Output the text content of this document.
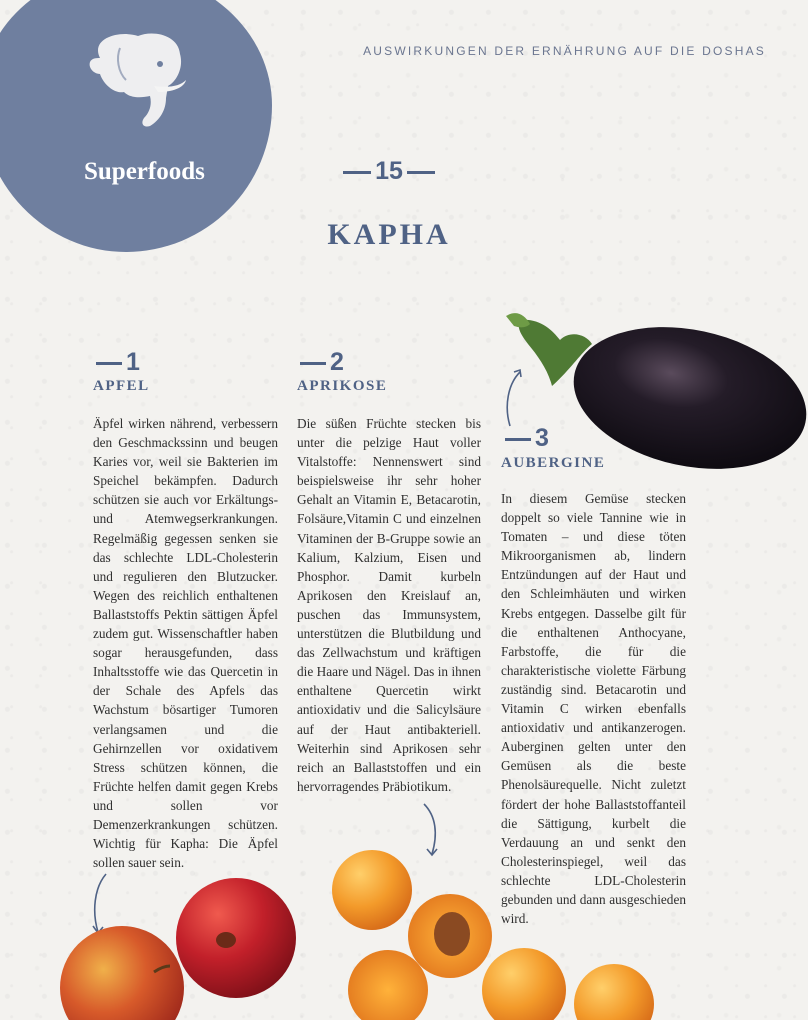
Superfoods
AUSWIRKUNGEN DER ERNÄHRUNG AUF DIE DOSHAS
15
KAPHA
1
APFEL
2
APRIKOSE
3
AUBERGINE
Äpfel wirken nährend, verbessern den Geschmackssinn und beugen Karies vor, weil sie Bakterien im Speichel bekämpfen. Dadurch schützen sie auch vor Erkältungs- und Atemwegserkrankungen. Regelmäßig gegessen senken sie das schlechte LDL-Cholesterin und regulieren den Blutzucker. Wegen des reichlich enthaltenen Ballaststoffs Pektin sättigen Äpfel zudem gut. Wissenschaftler haben sogar herausgefunden, dass Inhaltsstoffe wie das Quercetin in der Schale des Apfels das Wachstum bösartiger Tumoren verlangsamen und die Gehirnzellen vor oxidativem Stress schützen können, die Früchte helfen damit gegen Krebs und sollen vor Demenzerkrankungen schützen. Wichtig für Kapha: Die Äpfel sollen sauer sein.
Die süßen Früchte stecken bis unter die pelzige Haut voller Vitalstoffe: Nennenswert sind beispielsweise ihr sehr hoher Gehalt an Vitamin E, Betacarotin, Folsäure,Vitamin C und einzelnen Vitaminen der B-Gruppe sowie an Kalium, Kalzium, Eisen und Phosphor. Damit kurbeln Aprikosen den Kreislauf an, puschen das Immunsystem, unterstützen die Blutbildung und das Zellwachstum und kräftigen die Haare und Nägel. Das in ihnen enthaltene Quercetin wirkt antioxidativ und die Salicylsäure auf der Haut antibakteriell. Weiterhin sind Aprikosen sehr reich an Ballaststoffen und ein hervorragendes Präbiotikum.
In diesem Gemüse stecken doppelt so viele Tannine wie in Tomaten – und diese töten Mikroorganismen ab, lindern Entzündungen auf der Haut und den Schleimhäuten und wirken Krebs entgegen. Dasselbe gilt für die enthaltenen Anthocyane, Farbstoffe, die für die charakteristische violette Färbung zuständig sind. Betacarotin und Vitamin C wirken ebenfalls antioxidativ und antikanzerogen. Auberginen gelten unter den Gemüsen als die beste Phenolsäurequelle. Nicht zuletzt fördert der hohe Ballaststoffanteil die Sättigung, kurbelt die Verdauung an und senkt den Cholesterinspiegel, weil das schlechte LDL-Cholesterin gebunden und dann ausgeschieden wird.
